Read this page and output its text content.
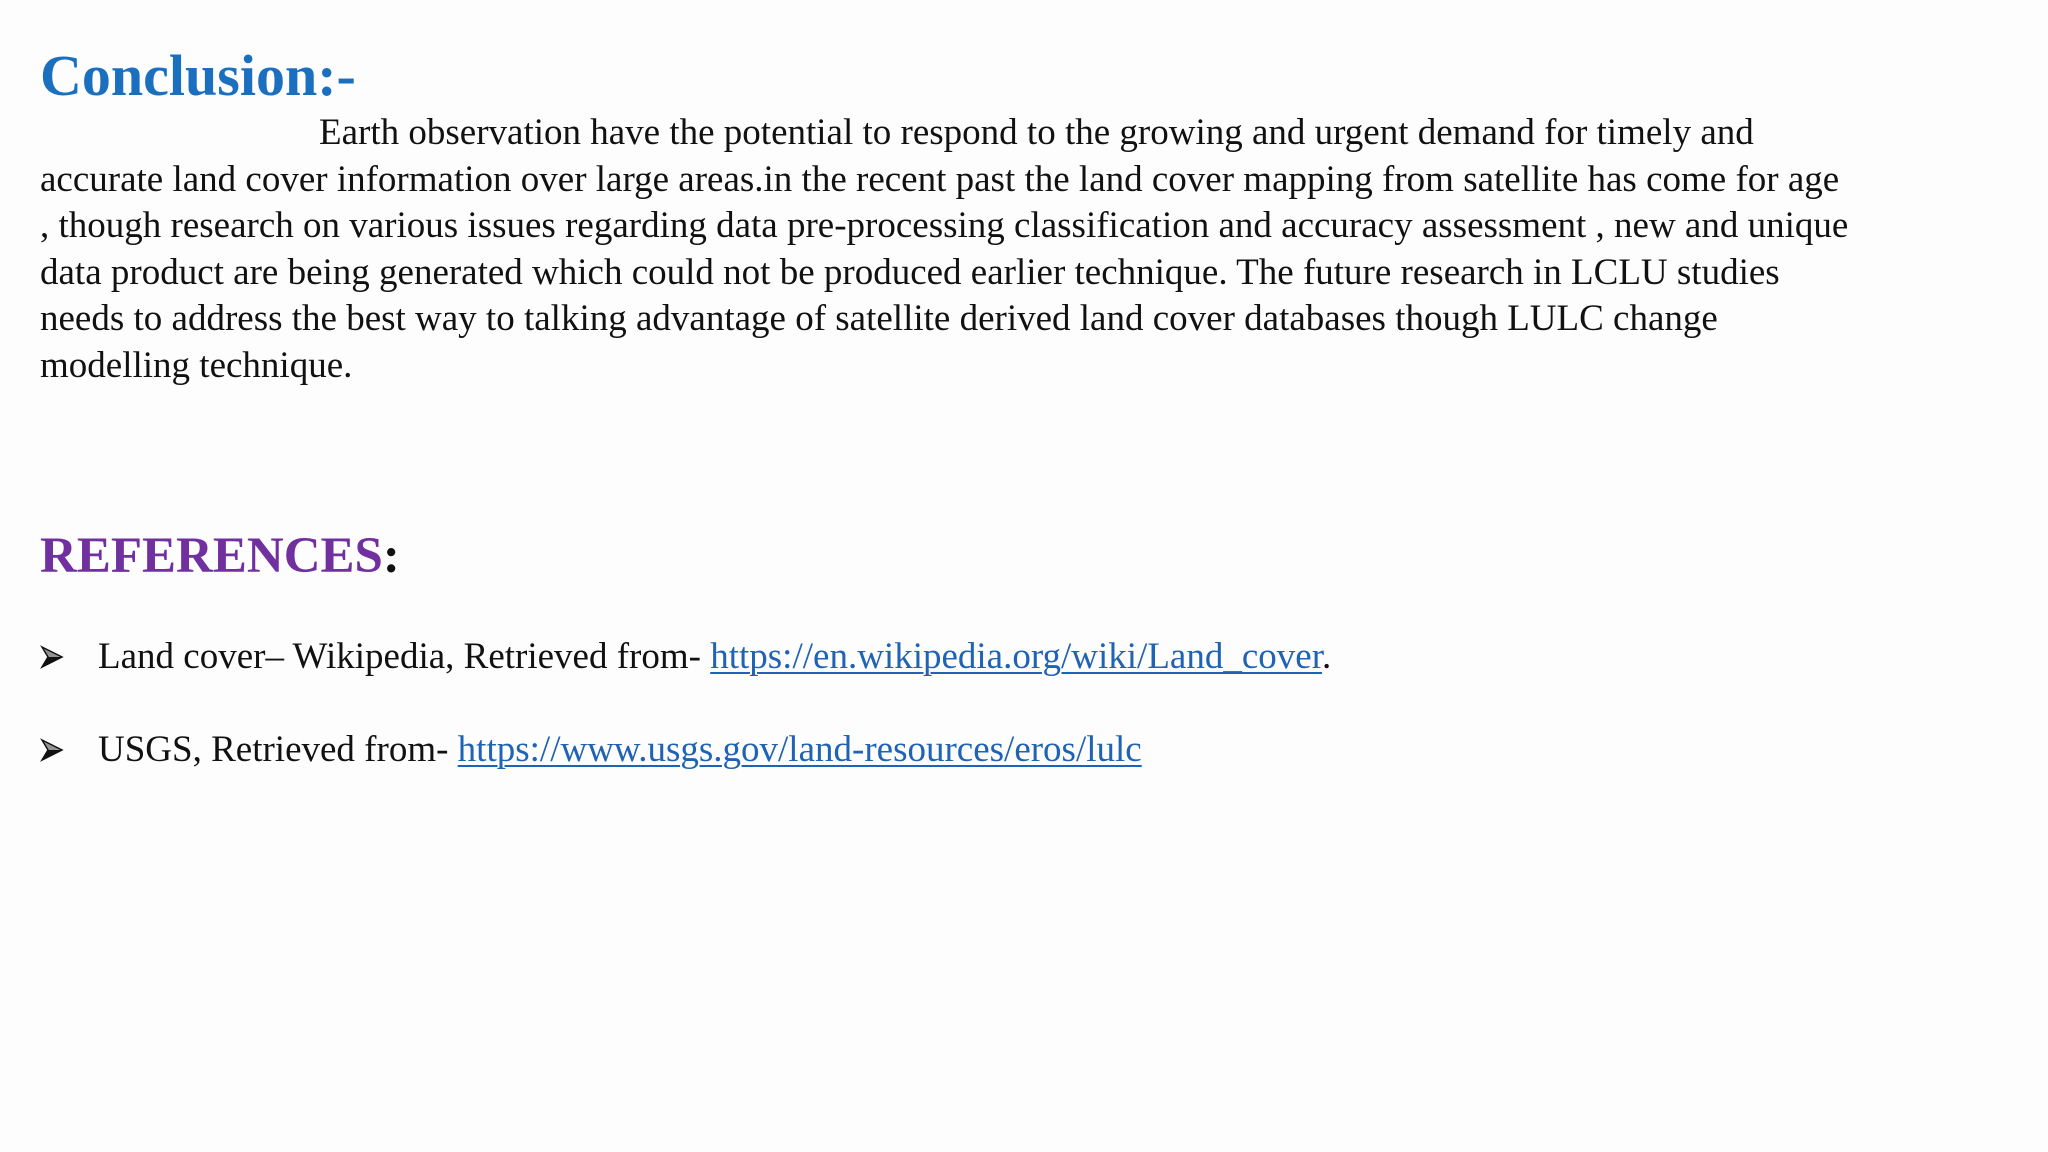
Conclusion:-
Earth observation have the potential to respond to the growing and urgent demand for timely and
accurate land cover information over large areas.in the recent past the land cover mapping from satellite has come for age
, though research on various issues regarding data pre-processing classification and accuracy assessment , new and unique
data product are being generated which could not be produced earlier technique. The future research in LCLU studies
needs to address the best way to talking advantage of satellite derived land cover databases though LULC change
modelling technique.
REFERENCES:
Land cover– Wikipedia, Retrieved from- https://en.wikipedia.org/wiki/Land_cover.
USGS, Retrieved from- https://www.usgs.gov/land-resources/eros/lulc
